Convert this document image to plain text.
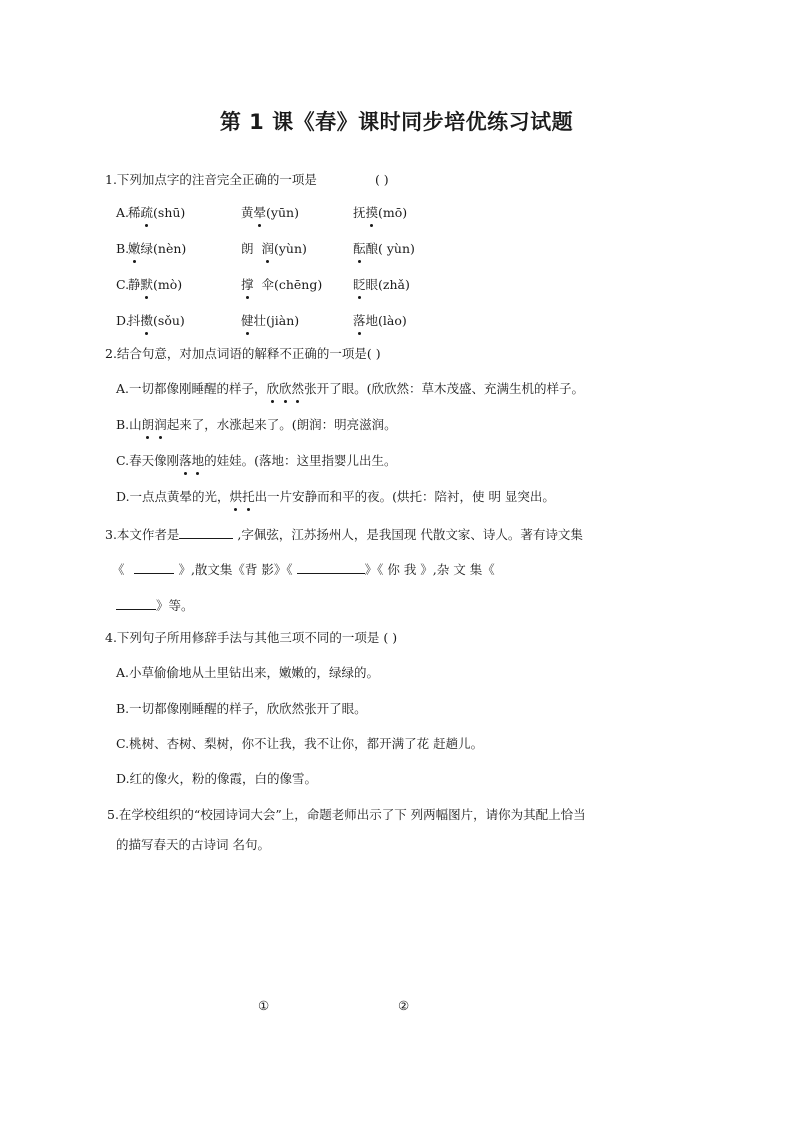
第 1 课《春》课时同步培优练习试题
1.下列加点字的注音完全正确的一项是	( )
A.
稀疏(shū)	黄晕(yūn)	抚摸(mō)
B.
嫩绿(nèn)	朗  润(yùn)	酝酿( yùn)
C.
静默(mò)	撑  伞(chēng) 眨眼(zhǎ)
D.
抖擞(sǒu)	健壮(jiàn)	落地(lào)
2.结合句意，对加点词语的解释不正确的一项是( )
A.一切都像刚睡醒的样子，欣欣然张开了眼。(欣欣然：草木茂盛、充满生机的样子。
B.山朗润起来了，水涨起来了。(朗润：明亮滋润。
C.春天像刚落地的娃娃。(落地：这里指婴儿出生。
D.一点点黄晕的光，烘托出一片安静而和平的夜。(烘托：陪衬，使 明 显突出。
3.本文作者是	,字佩弦，江苏扬州人，是我国现 代散文家、诗人。著有诗文集
《	》,散文集《背 影》《	》《 你 我 》,杂 文 集《
》等。
4.下列句子所用修辞手法与其他三项不同的一项是 ( )
A.小草偷偷地从土里钻出来，嫩嫩的，绿绿的。
B.一切都像刚睡醒的样子，欣欣然张开了眼。
C.桃树、杏树、梨树，你不让我，我不让你，都开满了花 赶趟儿。
D.红的像火，粉的像霞，白的像雪。
5.在学校组织的“校园诗词大会”上，命题老师出示了下 列两幅图片，请你为其配上恰当
的描写春天的古诗词 名句。
①	②
